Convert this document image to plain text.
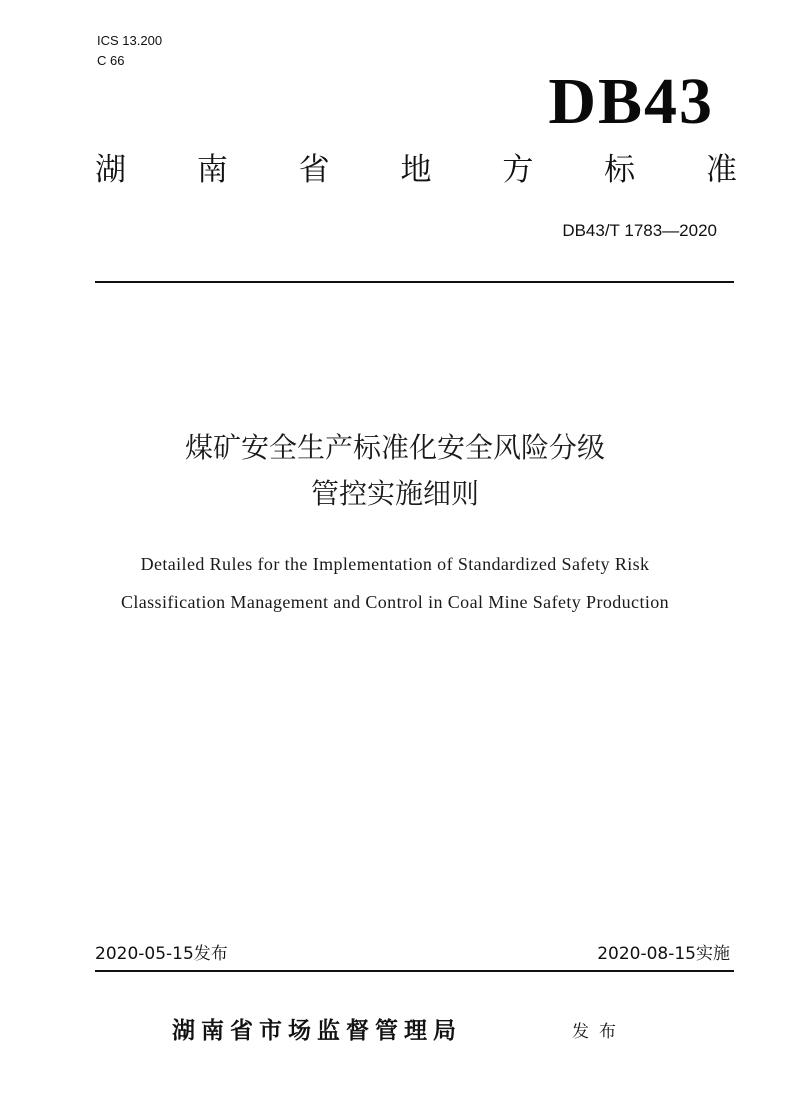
ICS 13.200
C 66
DB43
湖 南 省 地 方 标 准
DB43/T 1783—2020
煤矿安全生产标准化安全风险分级
管控实施细则
Detailed Rules for the Implementation of Standardized Safety Risk
Classification Management and Control in Coal Mine Safety Production
2020-05-15发布	2020-08-15实施
湖南省市场监督管理局	发布
